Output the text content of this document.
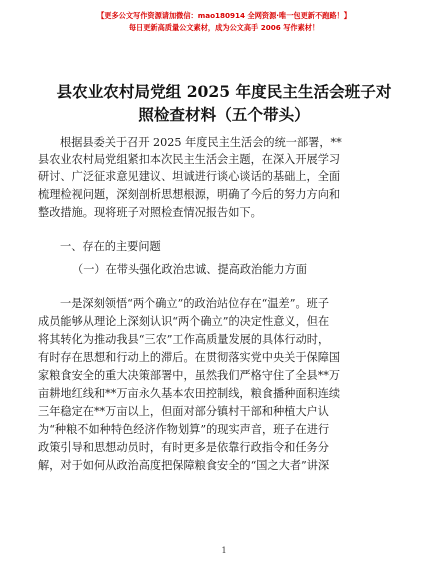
【更多公文写作资源请加微信：mao180914 全网资源·唯一包更新不跑路！】
每日更新高质量公文素材，成为公文高手 2006 写作素材！
县农业农村局党组 2025 年度民主生活会班子对
照检查材料（五个带头）
根据县委关于召开 2025 年度民主生活会的统一部署，**
县农业农村局党组紧扣本次民主生活会主题，在深入开展学习
研讨、广泛征求意见建议、坦诚进行谈心谈话的基础上，全面
梳理检视问题，深刻剖析思想根源，明确了今后的努力方向和
整改措施。现将班子对照检查情况报告如下。
一、存在的主要问题
（一）在带头强化政治忠诚、提高政治能力方面
一是深刻领悟“两个确立”的政治站位存在“温差”。班子
成员能够从理论上深刻认识“两个确立”的决定性意义，但在
将其转化为推动我县“三农”工作高质量发展的具体行动时，
有时存在思想和行动上的滞后。在贯彻落实党中央关于保障国
家粮食安全的重大决策部署中，虽然我们严格守住了全县**万
亩耕地红线和**万亩永久基本农田控制线，粮食播种面积连续
三年稳定在**万亩以上，但面对部分镇村干部和种植大户认
为“种粮不如种特色经济作物划算”的现实声音，班子在进行
政策引导和思想动员时，有时更多是依靠行政指令和任务分
解，对于如何从政治高度把保障粮食安全的“国之大者”讲深
1
